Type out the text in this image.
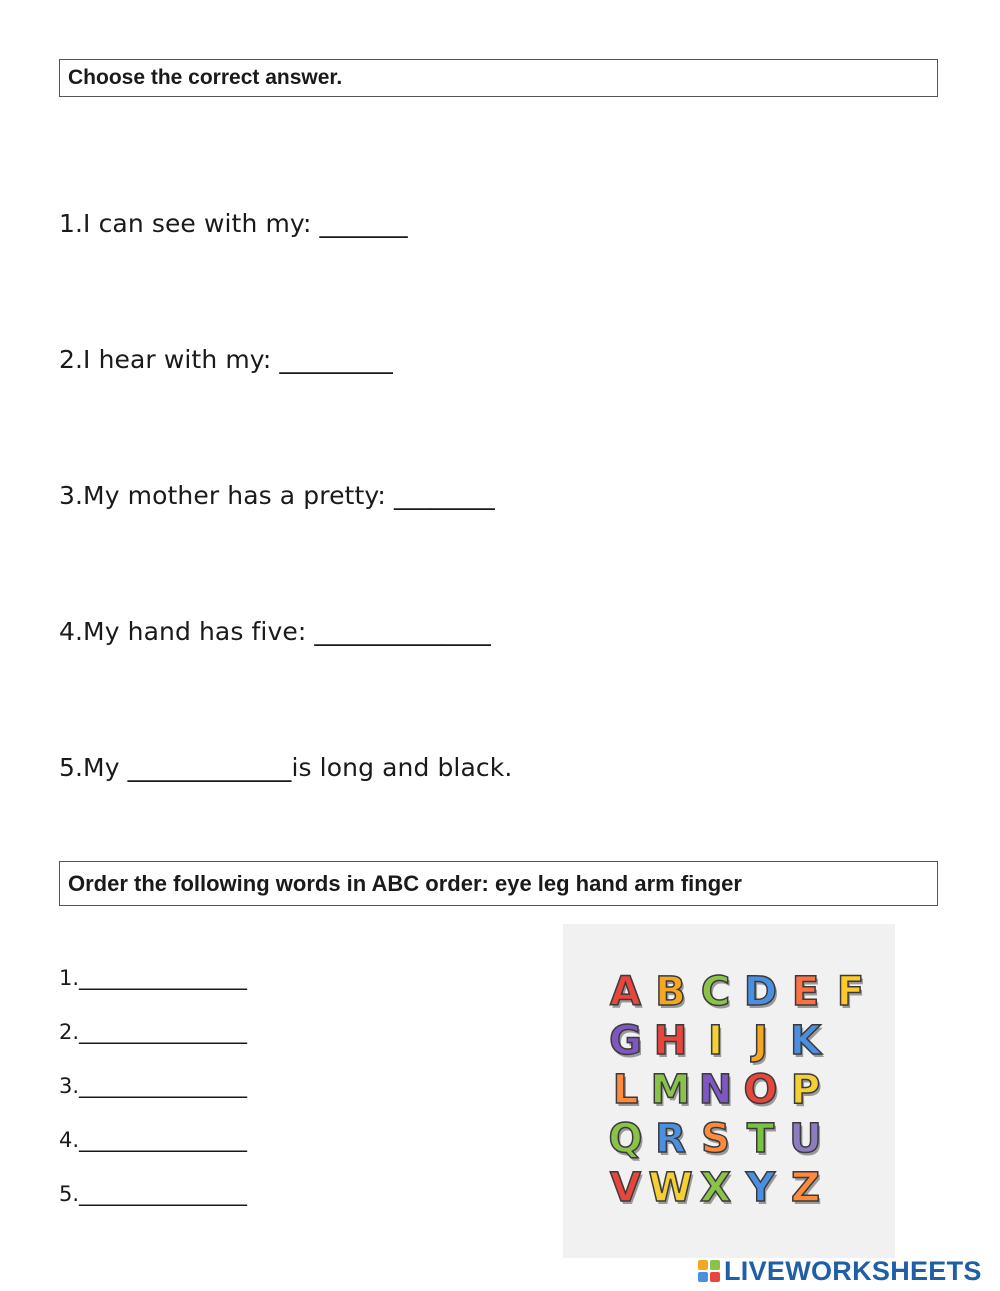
Choose the correct answer.
1.I can see with my: _______
2.I hear with my: _________
3.My mother has a pretty: ________
4.My hand has five: ______________
5.My _____________is long and black.
Order the following words in ABC order: eye leg hand arm finger
1.________________
2.________________
3.________________
4.________________
5.________________
A B C D E F
G H I J K
L M N O P
Q R S T U
V W X Y Z
LIVEWORKSHEETS
